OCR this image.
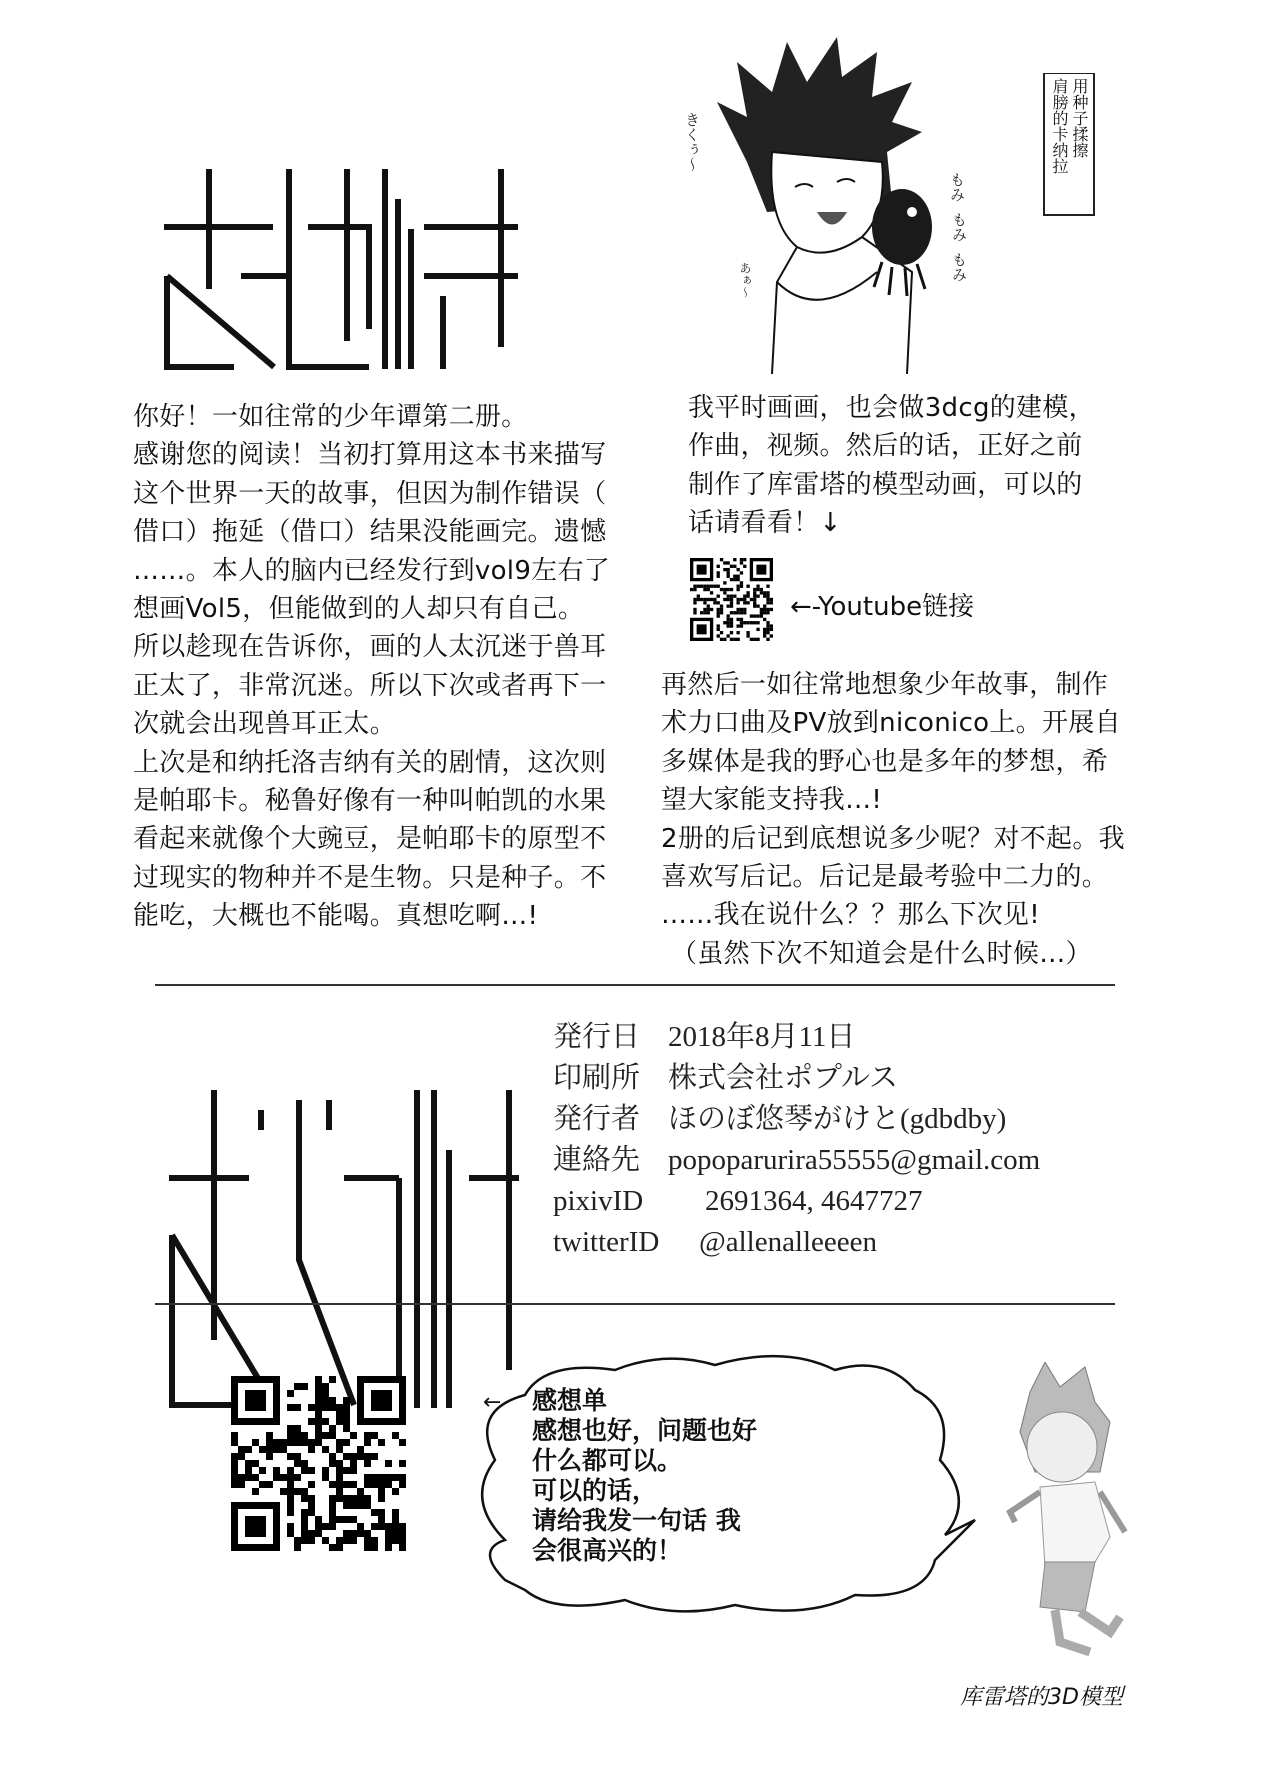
きくぅ〜
あぁ〜
もみ
もみ
もみ
用种子揉擦
肩膀的卡纳拉

你好！一如往常的少年谭第二册。

感谢您的阅读！当初打算用这本书来描写

这个世界一天的故事，但因为制作错误（

借口）拖延（借口）结果没能画完。遗憾

……。本人的脑内已经发行到vol9左右了

想画Vol5，但能做到的人却只有自己。

所以趁现在告诉你，画的人太沉迷于兽耳

正太了，非常沉迷。所以下次或者再下一

次就会出现兽耳正太。

上次是和纳托洛吉纳有关的剧情，这次则

是帕耶卡。秘鲁好像有一种叫帕凯的水果

看起来就像个大豌豆，是帕耶卡的原型不

过现实的物种并不是生物。只是种子。不

能吃，大概也不能喝。真想吃啊…!

我平时画画，也会做3dcg的建模，

作曲，视频。然后的话，正好之前

制作了库雷塔的模型动画，可以的

话请看看！↓

←-Youtube链接

再然后一如往常地想象少年故事，制作

术力口曲及PV放到niconico上。开展自

多媒体是我的野心也是多年的梦想，希

望大家能支持我…!

2册的后记到底想说多少呢？对不起。我

喜欢写后记。后记是最考验中二力的。

……我在说什么？？那么下次见!

（虽然下次不知道会是什么时候…）

発行日 2018年8月11日
印刷所 株式会社ポプルス
発行者 ほのぼ悠琴がけと(gdbdby)
連絡先 popoparurira55555@gmail.com
pixivID 2691364, 4647727
twitterID @allenalleeeen
← 感想单

感想也好，问题也好

什么都可以。

可以的话，

请给我发一句话 我

会很高兴的！

库雷塔的3D模型
